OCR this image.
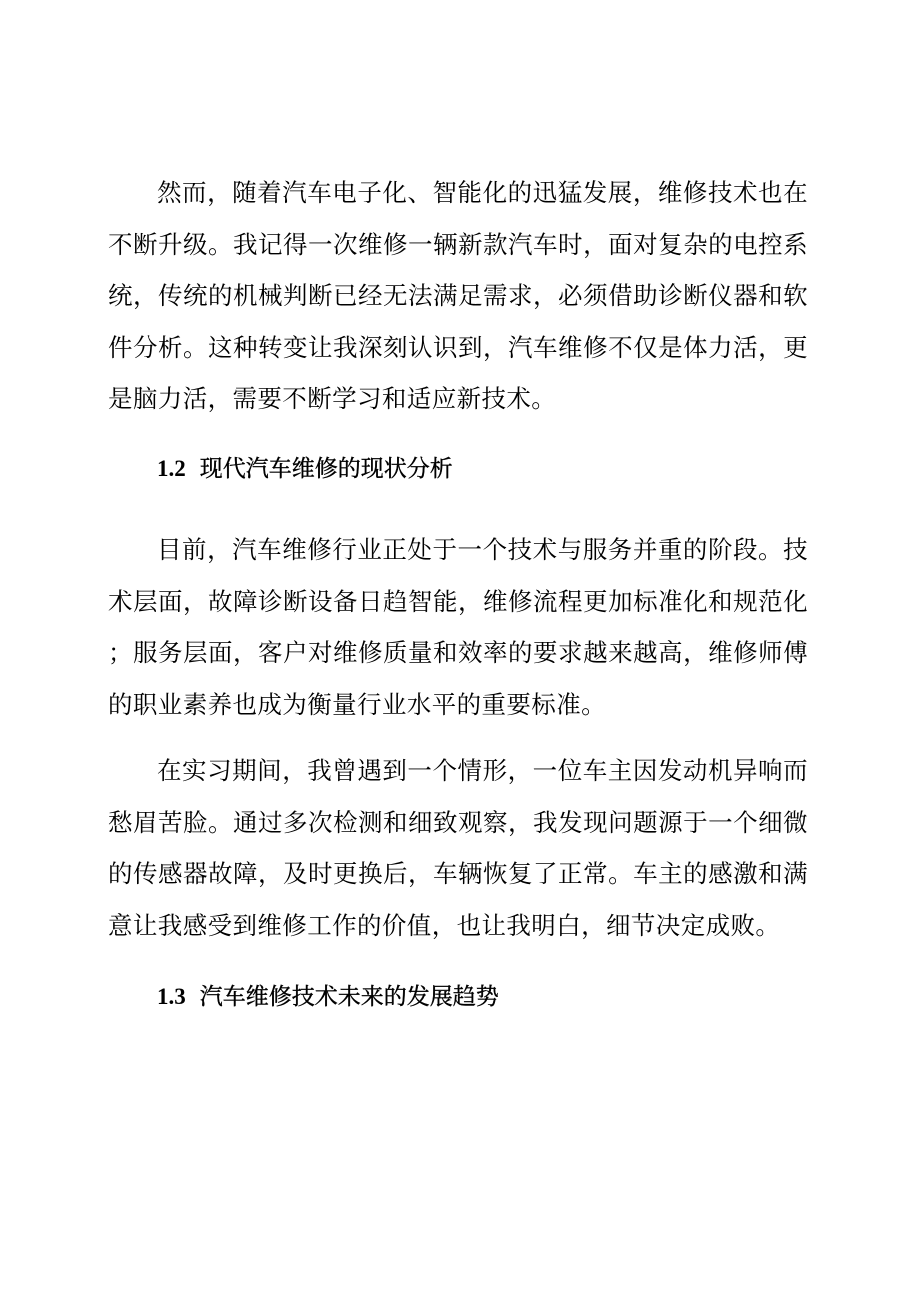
然而，随着汽车电子化、智能化的迅猛发展，维修技术也在不断升级。我记得一次维修一辆新款汽车时，面对复杂的电控系统，传统的机械判断已经无法满足需求，必须借助诊断仪器和软件分析。这种转变让我深刻认识到，汽车维修不仅是体力活，更是脑力活，需要不断学习和适应新技术。

1.2 现代汽车维修的现状分析

目前，汽车维修行业正处于一个技术与服务并重的阶段。技术层面，故障诊断设备日趋智能，维修流程更加标准化和规范化；服务层面，客户对维修质量和效率的要求越来越高，维修师傅的职业素养也成为衡量行业水平的重要标准。

在实习期间，我曾遇到一个情形，一位车主因发动机异响而愁眉苦脸。通过多次检测和细致观察，我发现问题源于一个细微的传感器故障，及时更换后，车辆恢复了正常。车主的感激和满意让我感受到维修工作的价值，也让我明白，细节决定成败。

1.3 汽车维修技术未来的发展趋势
